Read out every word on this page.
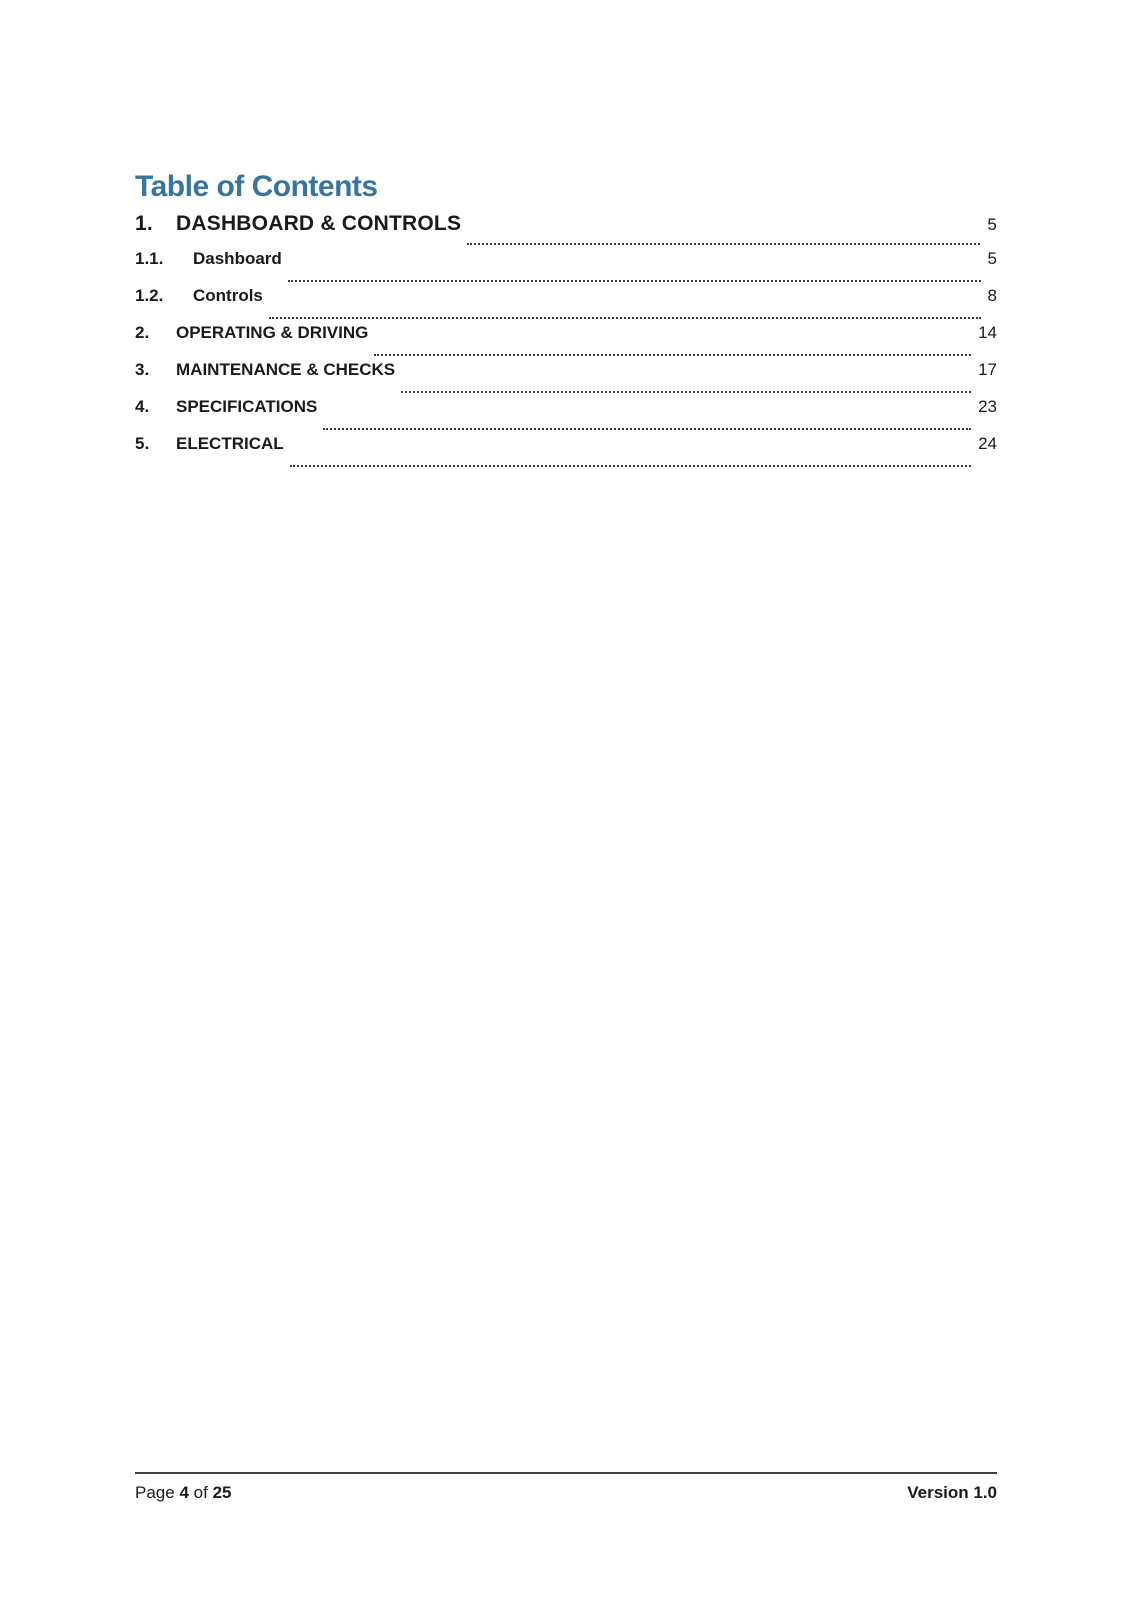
Table of Contents
1.	DASHBOARD & CONTROLS	5
1.1.	Dashboard	5
1.2.	Controls	8
2.	OPERATING & DRIVING	14
3.	MAINTENANCE & CHECKS	17
4.	SPECIFICATIONS	23
5.	ELECTRICAL	24
Page 4 of 25	Version 1.0
